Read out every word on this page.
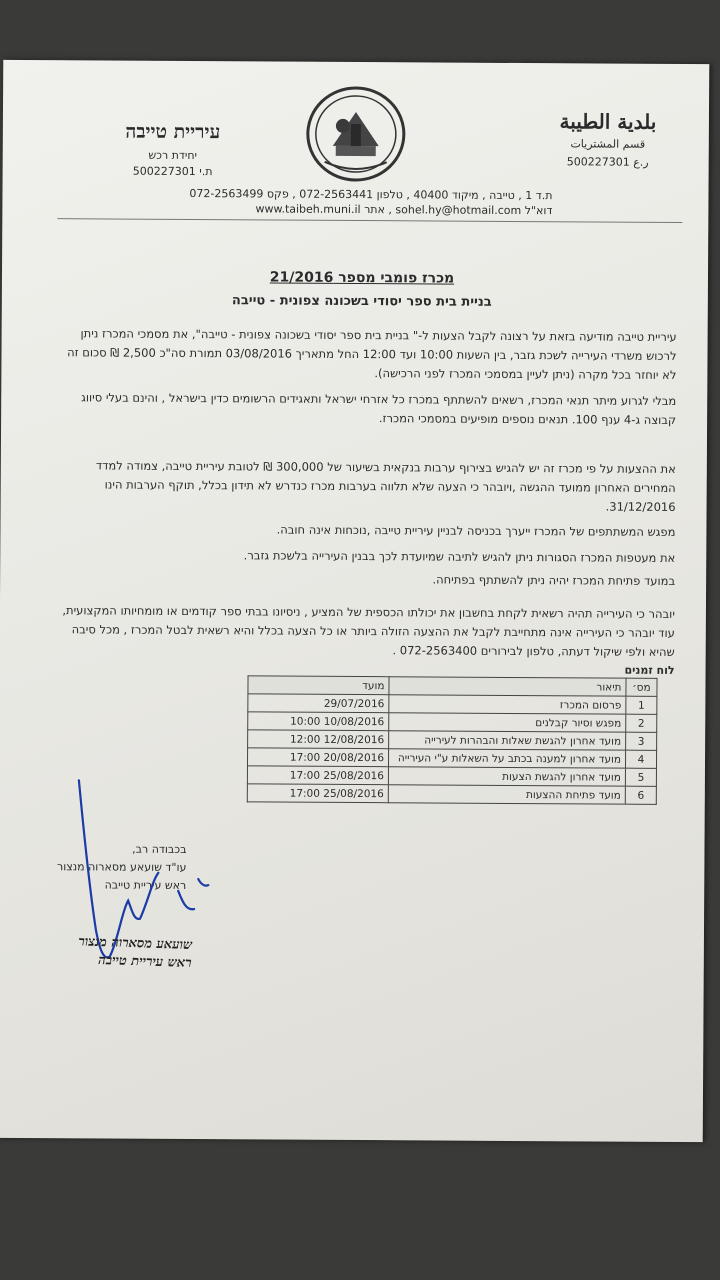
עיריית טייבה
יחידת רכש
ת.י 500227301
بلدية الطيبة
قسم المشتريات
ر.ع 500227301
ת.ד 1 , טייבה , מיקוד 40400 , טלפון 072-2563441 , פקס 072-2563499
דוא"ל sohel.hy@hotmail.com , אתר www.taibeh.muni.il
מכרז פומבי מספר 21/2016
בניית בית ספר יסודי בשכונה צפונית - טייבה
עיריית טייבה מודיעה בזאת על רצונה לקבל הצעות ל-" בניית בית ספר יסודי בשכונה צפונית - טייבה", את מסמכי המכרז ניתן לרכוש משרדי העירייה לשכת גזבר, בין השעות 10:00 ועד 12:00 החל מתאריך 03/08/2016 תמורת סה"כ 2,500 ₪ סכום זה לא יוחזר בכל מקרה (ניתן לעיין במסמכי המכרז לפני הרכישה).
מבלי לגרוע מיתר תנאי המכרז, רשאים להשתתף במכרז כל אזרחי ישראל ותאגידים הרשומים כדין בישראל , והינם בעלי סיווג קבוצה ג-4 ענף 100. תנאים נוספים מופיעים במסמכי המכרז.
את ההצעות על פי מכרז זה יש להגיש בצירוף ערבות בנקאית בשיעור של 300,000 ₪ לטובת עיריית טייבה, צמודה למדד המחירים האחרון ממועד ההגשה ,ויובהר כי הצעה שלא תלווה בערבות מכרז כנדרש לא תידון בכלל, תוקף הערבות הינו 31/12/2016.
מפגש המשתתפים של המכרז ייערך בכניסה לבניין עיריית טייבה ,נוכחות אינה חובה.
את מעטפות המכרז הסגורות ניתן להגיש לתיבה שמיועדת לכך בבנין העירייה בלשכת גזבר.
במועד פתיחת המכרז יהיה ניתן להשתתף בפתיחה.
יובהר כי העירייה תהיה רשאית לקחת בחשבון את יכולתו הכספית של המציע , ניסיונו בבתי ספר קודמים או מומחיותו המקצועית, עוד יובהר כי העירייה אינה מתחייבת לקבל את ההצעה הזולה ביותר או כל הצעה בכלל והיא רשאית לבטל המכרז , מכל סיבה שהיא ולפי שיקול דעתה, טלפון לבירורים 072-2563400 .
לוח זמנים
מס׳	תיאור	מועד
1	פרסום המכרז	29/07/2016
2	מפגש וסיור קבלנים	10/08/2016 10:00
3	מועד אחרון להגשת שאלות והבהרות לעירייה	12/08/2016 12:00
4	מועד אחרון למענה בכתב על השאלות ע"י העירייה	20/08/2016 17:00
5	מועד אחרון להגשת הצעות	25/08/2016 17:00
6	מועד פתיחת ההצעות	25/08/2016 17:00
בכבודה רב,
עו"ד שועאע מסארוה מנצור
ראש עיריית טייבה
שועאע מסארוה מנצור
ראש עיריית טייבה
